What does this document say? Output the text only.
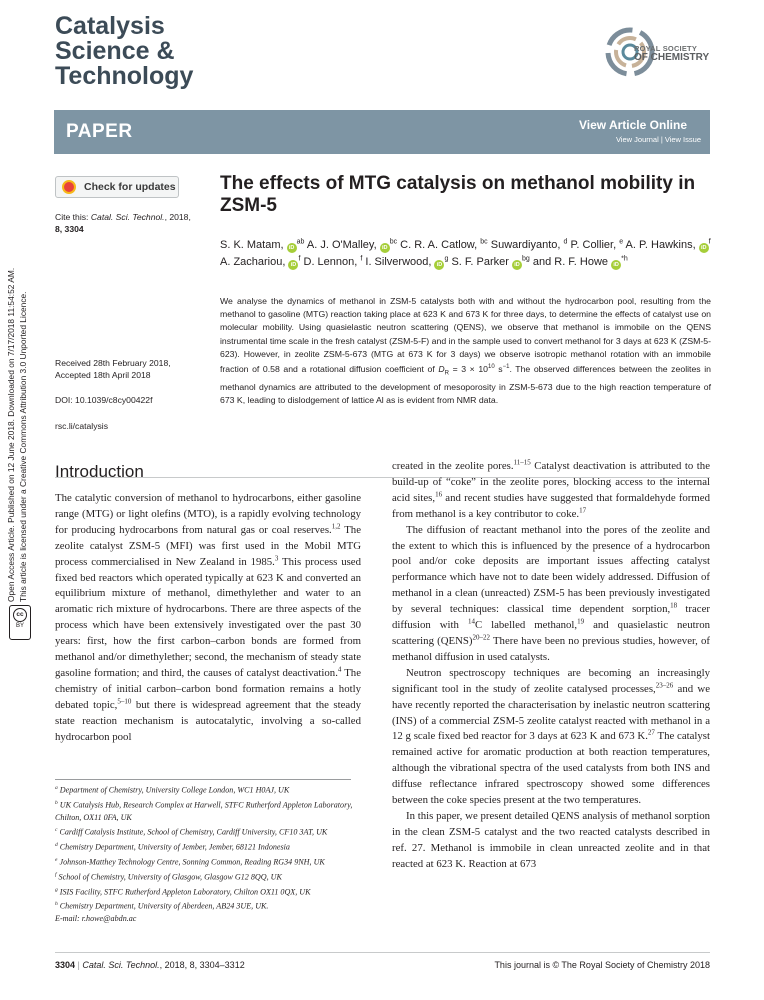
Catalysis
Science &
Technology
ROYAL SOCIETY
OF CHEMISTRY
PAPER	View Article Online
View Journal | View Issue
Open Access Article. Published on 12 June 2018. Downloaded on 7/17/2018 11:54:52 AM. This article is licensed under a Creative Commons Attribution 3.0 Unported Licence.
cc
BY
Check for updates
Cite this: Catal. Sci. Technol., 2018,
8, 3304
Received 28th February 2018,
Accepted 18th April 2018
DOI: 10.1039/c8cy00422f
rsc.li/catalysis
The effects of MTG catalysis on methanol mobility in ZSM-5
S. K. Matam, $iD^{ab}$ A. J. O'Malley, $iD^{bc}$ C. R. A. Catlow, $^{bc}$ Suwardiyanto, $^d$ P. Collier, $^e$ A. P. Hawkins, $iD^f$ A. Zachariou, $iD^f$ D. Lennon, $^f$ I. Silverwood, $iD^g$ S. F. Parker $iD^{bg}$ and R. F. Howe $iD^{*h}$
We analyse the dynamics of methanol in ZSM-5 catalysts both with and without the hydrocarbon pool, resulting from the methanol to gasoline (MTG) reaction taking place at 623 K and 673 K for three days, to determine the effects of catalyst use on molecular mobility. Using quasielastic neutron scattering (QENS), we observe that methanol is immobile on the QENS instrumental time scale in the fresh catalyst (ZSM-5-F) and in the sample used to convert methanol for 3 days at 623 K (ZSM-5-623). However, in zeolite ZSM-5-673 (MTG at 673 K for 3 days) we observe isotropic methanol rotation with an immobile fraction of 0.58 and a rotational diffusion coefficient of $D_R = 3 \times 10^{10}$ $s^{-1}$. The observed differences between the zeolites in methanol dynamics are attributed to the development of mesoporosity in ZSM-5-673 due to the high reaction temperature of 673 K, leading to dislodgement of lattice Al as is evident from NMR data.
Introduction

The catalytic conversion of methanol to hydrocarbons, either gasoline range (MTG) or light olefins (MTO), is a rapidly evolving technology for producing hydrocarbons from natural gas or coal reserves.$^{1,2}$ The zeolite catalyst ZSM-5 (MFI) was first used in the Mobil MTG process commercialised in New Zealand in 1985.$^3$ This process used fixed bed reactors which operated typically at 623 K and converted an equilibrium mixture of methanol, dimethylether and water to an aromatic rich mixture of hydrocarbons. There are three aspects of the process which have been extensively investigated over the past 30 years: first, how the first carbon–carbon bonds are formed from methanol and/or dimethylether; second, the mechanism of steady state gasoline formation; and third, the causes of catalyst deactivation.$^4$ The chemistry of initial carbon–carbon bond formation remains a hotly debated topic,$^{5-10}$ but there is widespread agreement that the steady state reaction mechanism is autocatalytic, involving a so-called hydrocarbon pool

created in the zeolite pores.$^{11-15}$ Catalyst deactivation is attributed to the build-up of “coke” in the zeolite pores, blocking access to the internal acid sites,$^{16}$ and recent studies have suggested that formaldehyde formed from methanol is a key contributor to coke.$^{17}$

The diffusion of reactant methanol into the pores of the zeolite and the extent to which this is influenced by the presence of a hydrocarbon pool and/or coke deposits are important issues affecting catalyst performance which have not to date been widely addressed. Diffusion of methanol in a clean (unreacted) ZSM-5 has been previously investigated by several techniques: classical time dependent sorption,$^{18}$ tracer diffusion with $^{14}$C labelled methanol,$^{19}$ and quasielastic neutron scattering (QENS)$^{20-22}$ There have been no previous studies, however, of methanol diffusion in used catalysts.

Neutron spectroscopy techniques are becoming an increasingly significant tool in the study of zeolite catalysed processes,$^{23-26}$ and we have recently reported the characterisation by inelastic neutron scattering (INS) of a commercial ZSM-5 zeolite catalyst reacted with methanol in a 12 g scale fixed bed reactor for 3 days at 623 K and 673 K.$^{27}$ The catalyst remained active for aromatic production at both reaction temperatures, although the vibrational spectra of the used catalysts from both INS and diffuse reflectance infrared spectroscopy showed some differences between the coke species present at the two temperatures.

In this paper, we present detailed QENS analysis of methanol sorption in the clean ZSM-5 catalyst and the two reacted catalysts described in ref. 27. Methanol is immobile in clean unreacted zeolite and in that reacted at 623 K. Reaction at 673

$^a$ Department of Chemistry, University College London, WC1 H0AJ, UK
$^b$ UK Catalysis Hub, Research Complex at Harwell, STFC Rutherford Appleton Laboratory, Chilton, OX11 0FA, UK
$^c$ Cardiff Catalysis Institute, School of Chemistry, Cardiff University, CF10 3AT, UK
$^d$ Chemistry Department, University of Jember, Jember, 68121 Indonesia
$^e$ Johnson-Matthey Technology Centre, Sonning Common, Reading RG34 9NH, UK
$^f$ School of Chemistry, University of Glasgow, Glasgow G12 8QQ, UK
$^g$ ISIS Facility, STFC Rutherford Appleton Laboratory, Chilton OX11 0QX, UK
$^h$ Chemistry Department, University of Aberdeen, AB24 3UE, UK.
E-mail: r.howe@abdn.ac
3304 | Catal. Sci. Technol., 2018, 8, 3304–3312	This journal is © The Royal Society of Chemistry 2018
